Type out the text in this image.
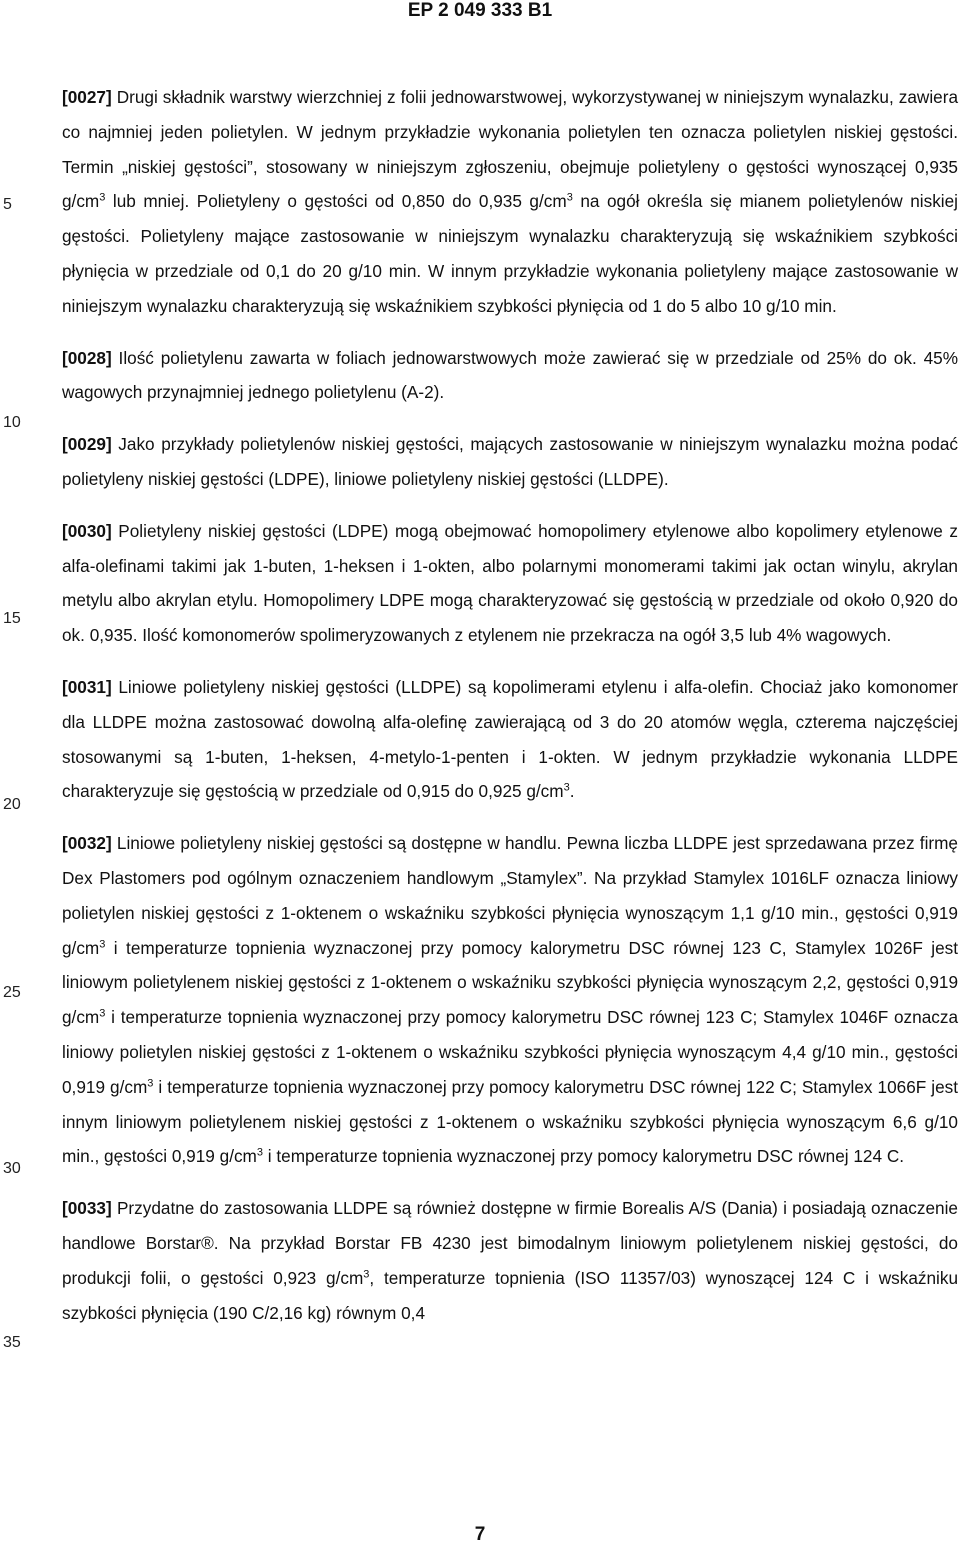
EP 2 049 333 B1
5
10
15
20
25
30
35

[0027] Drugi składnik warstwy wierzchniej z folii jednowarstwowej, wykorzystywanej w niniejszym wynalazku, zawiera co najmniej jeden polietylen. W jednym przykładzie wykonania polietylen ten oznacza polietylen niskiej gęstości. Termin „niskiej gęstości”, stosowany w niniejszym zgłoszeniu, obejmuje polietyleny o gęstości wynoszącej 0,935 $g/cm^3$ lub mniej. Polietyleny o gęstości od 0,850 do 0,935 $g/cm^3$ na ogół określa się mianem polietylenów niskiej gęstości. Polietyleny mające zastosowanie w niniejszym wynalazku charakteryzują się wskaźnikiem szybkości płynięcia w przedziale od 0,1 do 20 g/10 min. W innym przykładzie wykonania polietyleny mające zastosowanie w niniejszym wynalazku charakteryzują się wskaźnikiem szybkości płynięcia od 1 do 5 albo 10 g/10 min.

[0028] Ilość polietylenu zawarta w foliach jednowarstwowych może zawierać się w przedziale od 25% do ok. 45% wagowych przynajmniej jednego polietylenu (A-2).

[0029] Jako przykłady polietylenów niskiej gęstości, mających zastosowanie w niniejszym wynalazku można podać polietyleny niskiej gęstości (LDPE), liniowe polietyleny niskiej gęstości (LLDPE).

[0030] Polietyleny niskiej gęstości (LDPE) mogą obejmować homopolimery etylenowe albo kopolimery etylenowe z alfa-olefinami takimi jak 1-buten, 1-heksen i 1-okten, albo polarnymi monomerami takimi jak octan winylu, akrylan metylu albo akrylan etylu. Homopolimery LDPE mogą charakteryzować się gęstością w przedziale od około 0,920 do ok. 0,935. Ilość komonomerów spolimeryzowanych z etylenem nie przekracza na ogół 3,5 lub 4% wagowych.

[0031] Liniowe polietyleny niskiej gęstości (LLDPE) są kopolimerami etylenu i alfa-olefin. Chociaż jako komonomer dla LLDPE można zastosować dowolną alfa-olefinę zawierającą od 3 do 20 atomów węgla, czterema najczęściej stosowanymi są 1-buten, 1-heksen, 4-metylo-1-penten i 1-okten. W jednym przykładzie wykonania LLDPE charakteryzuje się gęstością w przedziale od 0,915 do 0,925 $g/cm^3$.

[0032] Liniowe polietyleny niskiej gęstości są dostępne w handlu. Pewna liczba LLDPE jest sprzedawana przez firmę Dex Plastomers pod ogólnym oznaczeniem handlowym „Stamylex”. Na przykład Stamylex 1016LF oznacza liniowy polietylen niskiej gęstości z 1-oktenem o wskaźniku szybkości płynięcia wynoszącym 1,1 g/10 min., gęstości 0,919 $g/cm^3$ i temperaturze topnienia wyznaczonej przy pomocy kalorymetru DSC równej 123 C, Stamylex 1026F jest liniowym polietylenem niskiej gęstości z 1-oktenem o wskaźniku szybkości płynięcia wynoszącym 2,2, gęstości 0,919 $g/cm^3$ i temperaturze topnienia wyznaczonej przy pomocy kalorymetru DSC równej 123 C; Stamylex 1046F oznacza liniowy polietylen niskiej gęstości z 1-oktenem o wskaźniku szybkości płynięcia wynoszącym 4,4 g/10 min., gęstości 0,919 $g/cm^3$ i temperaturze topnienia wyznaczonej przy pomocy kalorymetru DSC równej 122 C; Stamylex 1066F jest innym liniowym polietylenem niskiej gęstości z 1-oktenem o wskaźniku szybkości płynięcia wynoszącym 6,6 g/10 min., gęstości 0,919 $g/cm^3$ i temperaturze topnienia wyznaczonej przy pomocy kalorymetru DSC równej 124 C.

[0033] Przydatne do zastosowania LLDPE są również dostępne w firmie Borealis A/S (Dania) i posiadają oznaczenie handlowe Borstar®. Na przykład Borstar FB 4230 jest bimodalnym liniowym polietylenem niskiej gęstości, do produkcji folii, o gęstości 0,923 $g/cm^3$, temperaturze topnienia (ISO 11357/03) wynoszącej 124 C i wskaźniku szybkości płynięcia (190 C/2,16 kg) równym 0,4

7
